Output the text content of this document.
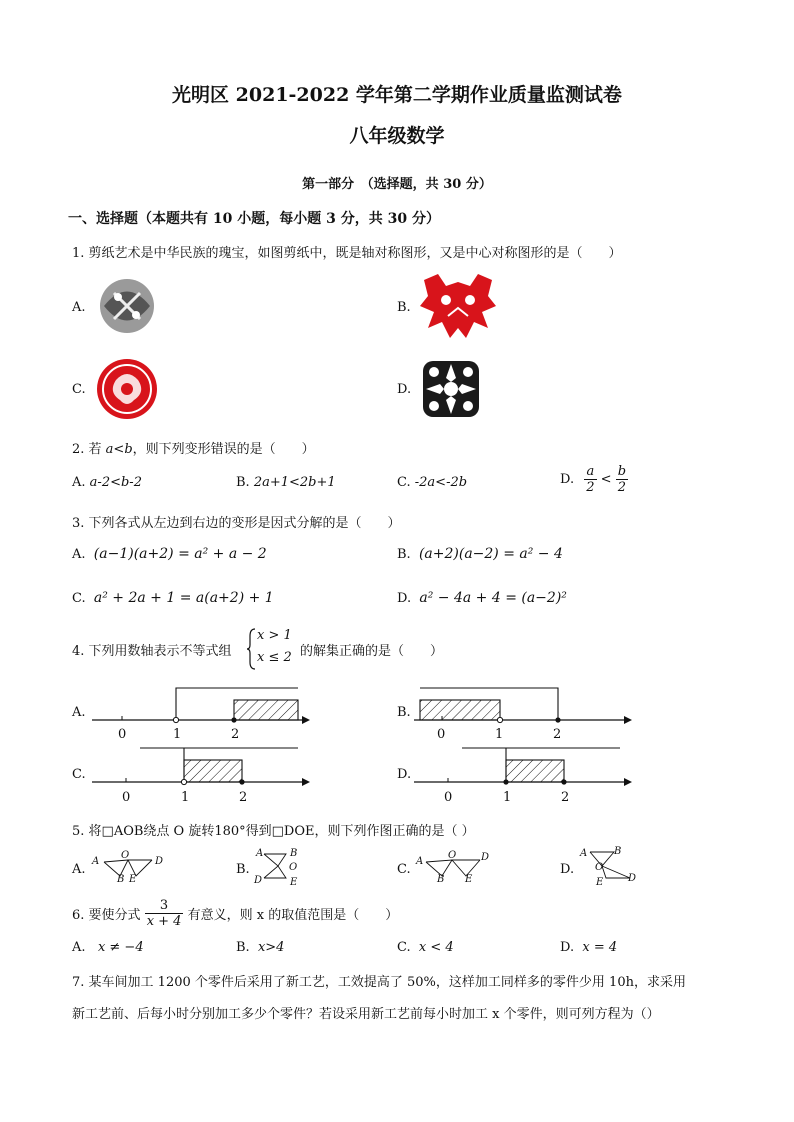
光明区 2021-2022 学年第二学期作业质量监测试卷
八年级数学
第一部分　（选择题，共 30 分）
一、选择题（本题共有 10 小题，每小题 3 分，共 30 分）
1. 剪纸艺术是中华民族的瑰宝，如图剪纸中，既是轴对称图形，又是中心对称图形的是（　　）
A.	B.
C.	D.
2. 若 a<b，则下列变形错误的是（　　）
A. a-2<b-2	B. 2a+1<2b+1	C. -2a<-2b	D. $\frac{a}{2} < \frac{b}{2}$
3. 下列各式从左边到右边的变形是因式分解的是（　　）
A. (a−1)(a+2) = a² + a − 2	B. (a+2)(a−2) = a² − 4
C. a² + 2a + 1 = a(a+2) + 1	D. a² − 4a + 4 = (a−2)²
4. 下列用数轴表示不等式组
x > 1
x ≤ 2 的解集正确的是（　　）
A.
0	1	2
B.
0	1	2
C.
0	1	2
D.
0	1	2
5. 将□AOB绕点 O 旋转180°得到□DOE，则下列作图正确的是（ ）
A.
A
O
D
B E
B.
A	B
O
D	E
C.
A
O D
B E
D.
A	B
O
E D
6. 要使分式 $\frac{3}{x + 4}$ 有意义，则 x 的取值范围是（　　）
A. x ≠ −4	B. x>4	C. x < 4	D. x = 4
7. 某车间加工 1200 个零件后采用了新工艺，工效提高了 50%，这样加工同样多的零件少用 10h，求采用
新工艺前、后每小时分别加工多少个零件？若设采用新工艺前每小时加工 x 个零件，则可列方程为（）
